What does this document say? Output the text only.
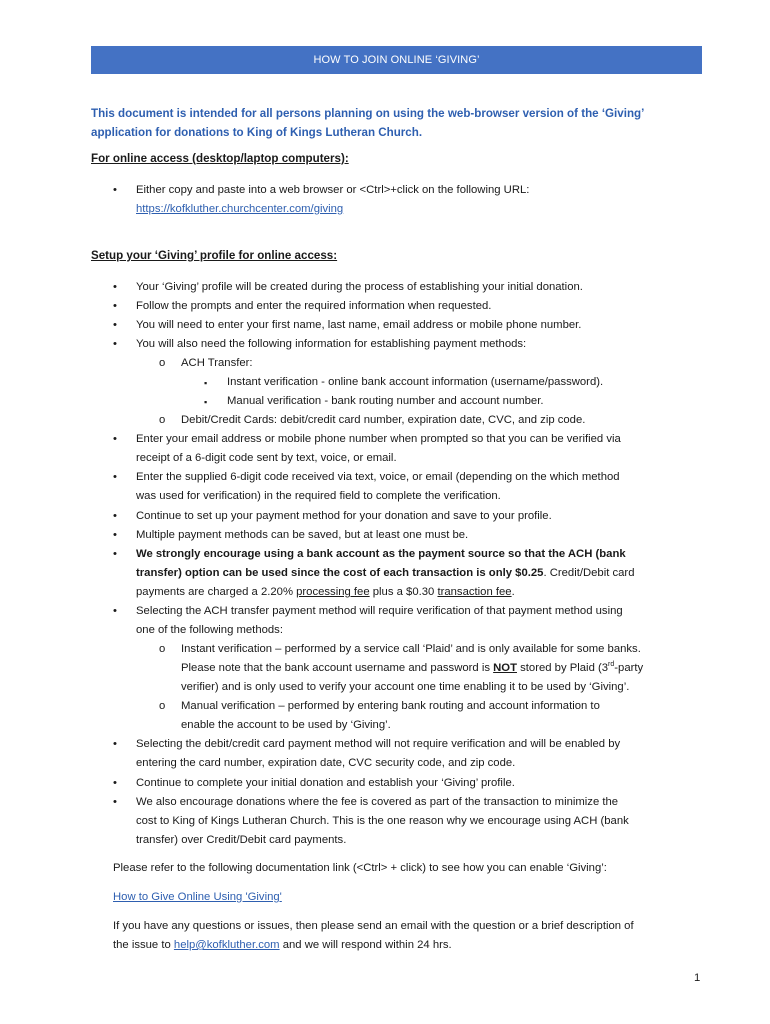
HOW TO JOIN ONLINE ‘GIVING’
This document is intended for all persons planning on using the web-browser version of the ‘Giving’ application for donations to King of Kings Lutheran Church.
For online access (desktop/laptop computers):
• Either copy and paste into a web browser or <Ctrl>+click on the following URL:
https://kofkluther.churchcenter.com/giving
Setup your ‘Giving’ profile for online access:
• Your ‘Giving’ profile will be created during the process of establishing your initial donation.
• Follow the prompts and enter the required information when requested.
• You will need to enter your first name, last name, email address or mobile phone number.
• You will also need the following information for establishing payment methods:
o ACH Transfer:
▪ Instant verification - online bank account information (username/password).
▪ Manual verification - bank routing number and account number.
o Debit/Credit Cards: debit/credit card number, expiration date, CVC, and zip code.
• Enter your email address or mobile phone number when prompted so that you can be verified via
receipt of a 6-digit code sent by text, voice, or email.
• Enter the supplied 6-digit code received via text, voice, or email (depending on the which method
was used for verification) in the required field to complete the verification.
• Continue to set up your payment method for your donation and save to your profile.
• Multiple payment methods can be saved, but at least one must be.
• We strongly encourage using a bank account as the payment source so that the ACH (bank
transfer) option can be used since the cost of each transaction is only $0.25. Credit/Debit card
payments are charged a 2.20% processing fee plus a $0.30 transaction fee.
• Selecting the ACH transfer payment method will require verification of that payment method using
one of the following methods:
o Instant verification – performed by a service call ‘Plaid’ and is only available for some banks.
Please note that the bank account username and password is NOT stored by Plaid (3rd-party
verifier) and is only used to verify your account one time enabling it to be used by ‘Giving’.
o Manual verification – performed by entering bank routing and account information to
enable the account to be used by ‘Giving’.
• Selecting the debit/credit card payment method will not require verification and will be enabled by
entering the card number, expiration date, CVC security code, and zip code.
• Continue to complete your initial donation and establish your ‘Giving’ profile.
• We also encourage donations where the fee is covered as part of the transaction to minimize the
cost to King of Kings Lutheran Church. This is the one reason why we encourage using ACH (bank
transfer) over Credit/Debit card payments.
Please refer to the following documentation link (<Ctrl> + click) to see how you can enable ‘Giving’:
How to Give Online Using 'Giving'
If you have any questions or issues, then please send an email with the question or a brief description of
the issue to help@kofkluther.com and we will respond within 24 hrs.
1
